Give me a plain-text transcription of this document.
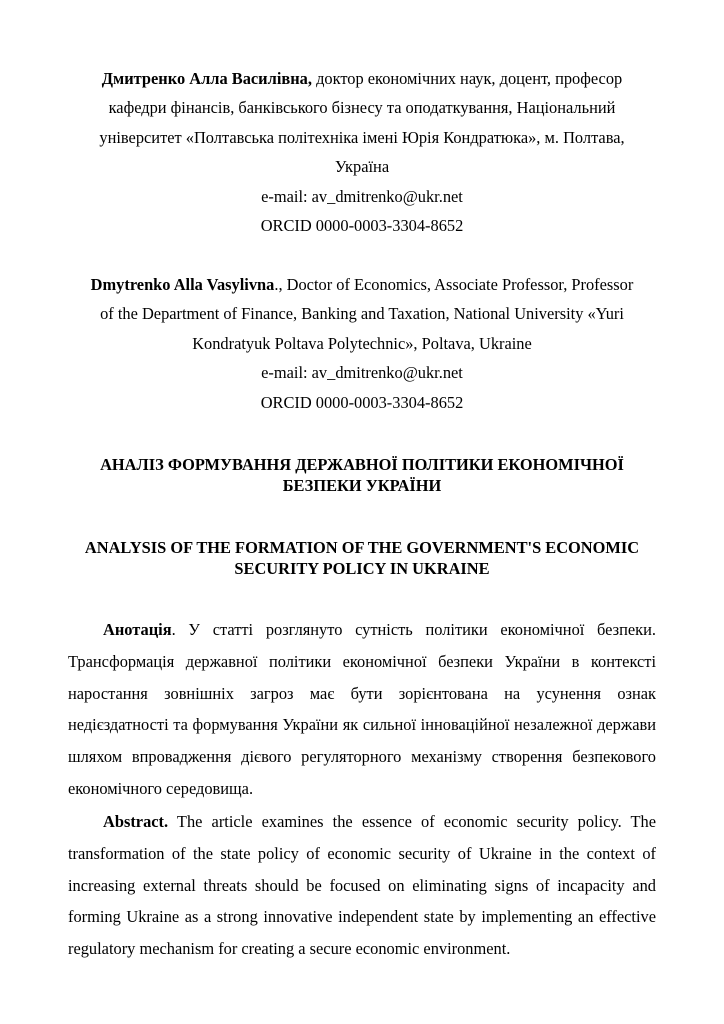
Дмитренко Алла Василівна, доктор економічних наук, доцент, професор

кафедри фінансів, банківського бізнесу та оподаткування, Національний

університет «Полтавська політехніка імені Юрія Кондратюка», м. Полтава,

Україна

e-mail: av_dmitrenko@ukr.net

ORCID 0000-0003-3304-8652

Dmytrenko Alla Vasylivna., Doctor of Economics, Associate Professor, Professor

of the Department of Finance, Banking and Taxation, National University «Yuri

Kondratyuk Poltava Polytechnic», Poltava, Ukraine

e-mail: av_dmitrenko@ukr.net

ORCID 0000-0003-3304-8652

АНАЛІЗ ФОРМУВАННЯ ДЕРЖАВНОЇ ПОЛІТИКИ ЕКОНОМІЧНОЇ

БЕЗПЕКИ УКРАЇНИ

ANALYSIS OF THE FORMATION OF THE GOVERNMENT'S ECONOMIC

SECURITY POLICY IN UKRAINE

Анотація. У статті розглянуто сутність політики економічної безпеки. Трансформація державної політики економічної безпеки України в контексті наростання зовнішніх загроз має бути зорієнтована на усунення ознак недієздатності та формування України як сильної інноваційної незалежної держави шляхом впровадження дієвого регуляторного механізму створення безпекового економічного середовища.

Abstract. The article examines the essence of economic security policy. The transformation of the state policy of economic security of Ukraine in the context of increasing external threats should be focused on eliminating signs of incapacity and forming Ukraine as a strong innovative independent state by implementing an effective regulatory mechanism for creating a secure economic environment.
